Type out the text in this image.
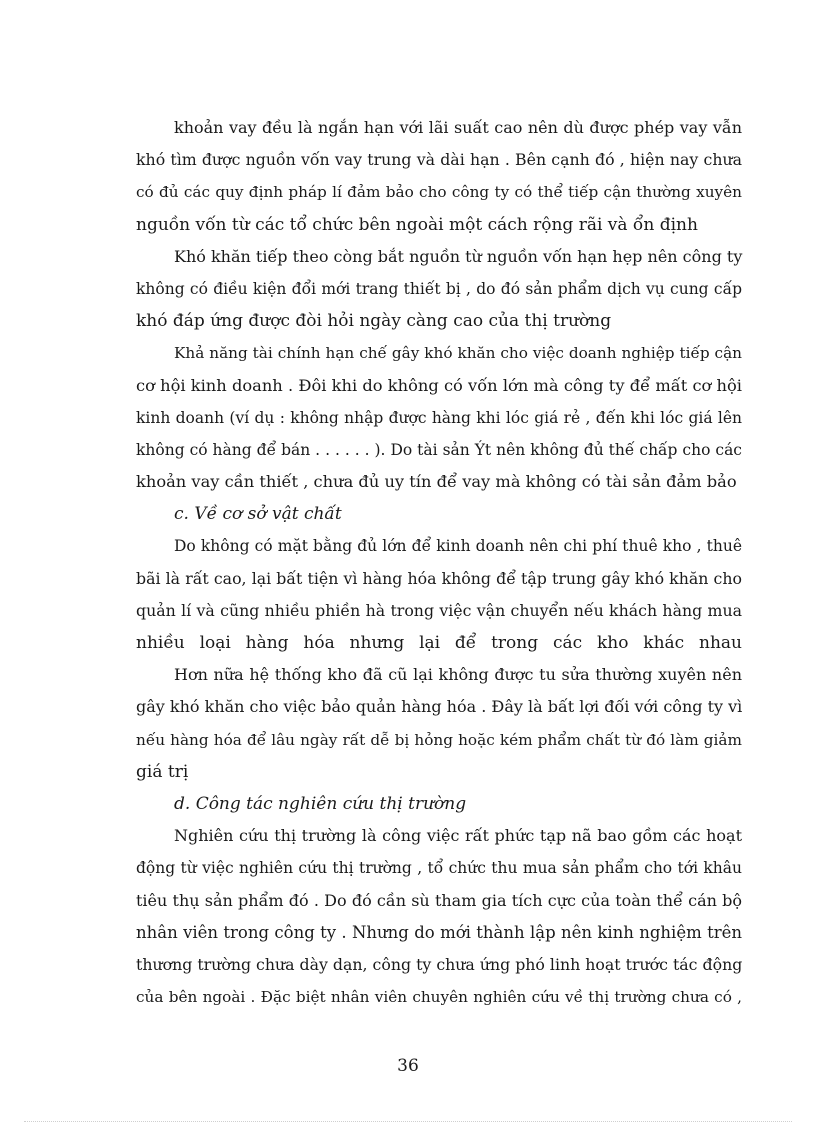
khoản vay đều là ngắn hạn với lãi suất cao nên dù được phép vay vẫn
khó tìm được nguồn vốn vay trung và dài hạn . Bên cạnh đó , hiện nay chưa
có đủ các quy định pháp lí đảm bảo cho công ty có thể tiếp cận thường xuyên
nguồn vốn từ các tổ chức bên ngoài một cách rộng rãi và ổn định
Khó khăn tiếp theo còng bắt nguồn từ nguồn vốn hạn hẹp nên công ty
không có điều kiện đổi mới trang thiết bị , do đó sản phẩm dịch vụ cung cấp
khó đáp ứng được đòi hỏi ngày càng cao của thị trường
Khả năng tài chính hạn chế gây khó khăn cho việc doanh nghiệp tiếp cận
cơ hội kinh doanh . Đôi khi do không có vốn lớn mà công ty để mất cơ hội
kinh doanh (ví dụ : không nhập được hàng khi lóc giá rẻ , đến khi lóc giá lên
không có hàng để bán . . . . . . ). Do tài sản Ýt nên không đủ thế chấp cho các
khoản vay cần thiết , chưa đủ uy tín để vay mà không có tài sản đảm bảo
c. Về cơ sở vật chất
Do không có mặt bằng đủ lớn để kinh doanh nên chi phí thuê kho , thuê
bãi là rất cao, lại bất tiện vì hàng hóa không để tập trung gây khó khăn cho
quản lí và cũng nhiều phiền hà trong việc vận chuyển nếu khách hàng mua
nhiều loại hàng hóa nhưng lại để trong các kho khác nhau
Hơn nữa hệ thống kho đã cũ lại không được tu sửa thường xuyên nên
gây khó khăn cho việc bảo quản hàng hóa . Đây là bất lợi đối với công ty vì
nếu hàng hóa để lâu ngày rất dễ bị hỏng hoặc kém phẩm chất từ đó làm giảm
giá trị
d. Công tác nghiên cứu thị trường
Nghiên cứu thị trường là công việc rất phức tạp nã bao gồm các hoạt
động từ việc nghiên cứu thị trường , tổ chức thu mua sản phẩm cho tới khâu
tiêu thụ sản phẩm đó . Do đó cần sù tham gia tích cực của toàn thể cán bộ
nhân viên trong công ty . Nhưng do mới thành lập nên kinh nghiệm trên
thương trường chưa dày dạn, công ty chưa ứng phó linh hoạt trước tác động
của bên ngoài . Đặc biệt nhân viên chuyên nghiên cứu về thị trường chưa có ,
36
